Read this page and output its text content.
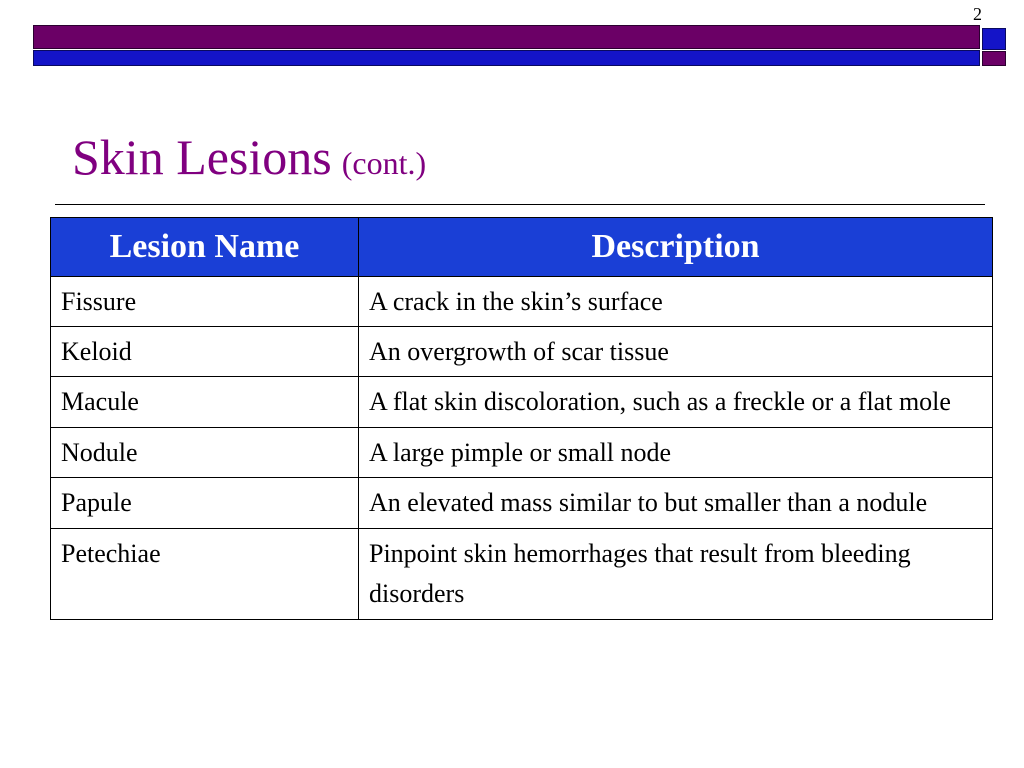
2
Skin Lesions (cont.)
Lesion Name	Description
Fissure	A crack in the skin’s surface
Keloid	An overgrowth of scar tissue
Macule	A flat skin discoloration, such as a freckle or a flat mole
Nodule	A large pimple or small node
Papule	An elevated mass similar to but smaller than a nodule
Petechiae	Pinpoint skin hemorrhages that result from bleeding disorders
